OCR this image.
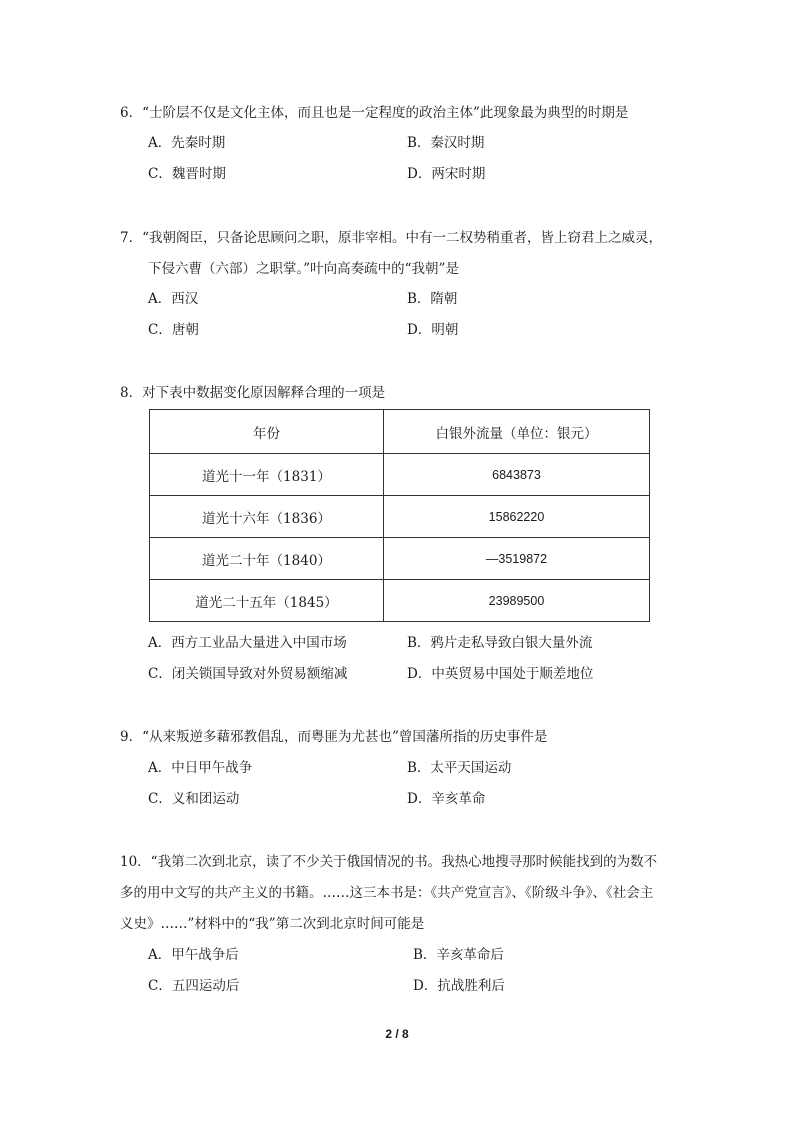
6．“士阶层不仅是文化主体，而且也是一定程度的政治主体”此现象最为典型的时期是
A．先秦时期	B．秦汉时期
C．魏晋时期	D．两宋时期
7．“我朝阁臣，只备论思顾问之职，原非宰相。中有一二权势稍重者，皆上窃君上之威灵，
下侵六曹（六部）之职掌。”叶向高奏疏中的“我朝”是
A．西汉	B．隋朝
C．唐朝	D．明朝
8．对下表中数据变化原因解释合理的一项是
年份	白银外流量（单位：银元）
道光十一年（1831）	6843873
道光十六年（1836）	15862220
道光二十年（1840）	—3519872
道光二十五年（1845）	23989500
A．西方工业品大量进入中国市场	B．鸦片走私导致白银大量外流
C．闭关锁国导致对外贸易额缩减	D．中英贸易中国处于顺差地位
9．“从来叛逆多藉邪教倡乱，而粤匪为尤甚也”曾国藩所指的历史事件是
A．中日甲午战争	B．太平天国运动
C．义和团运动	D．辛亥革命
10．“我第二次到北京，读了不少关于俄国情况的书。我热心地搜寻那时候能找到的为数不
多的用中文写的共产主义的书籍。……这三本书是：《共产党宣言》、《阶级斗争》、《社会主
义史》……”材料中的“我”第二次到北京时间可能是
A．甲午战争后	B．辛亥革命后
C．五四运动后	D．抗战胜利后
2 / 8
